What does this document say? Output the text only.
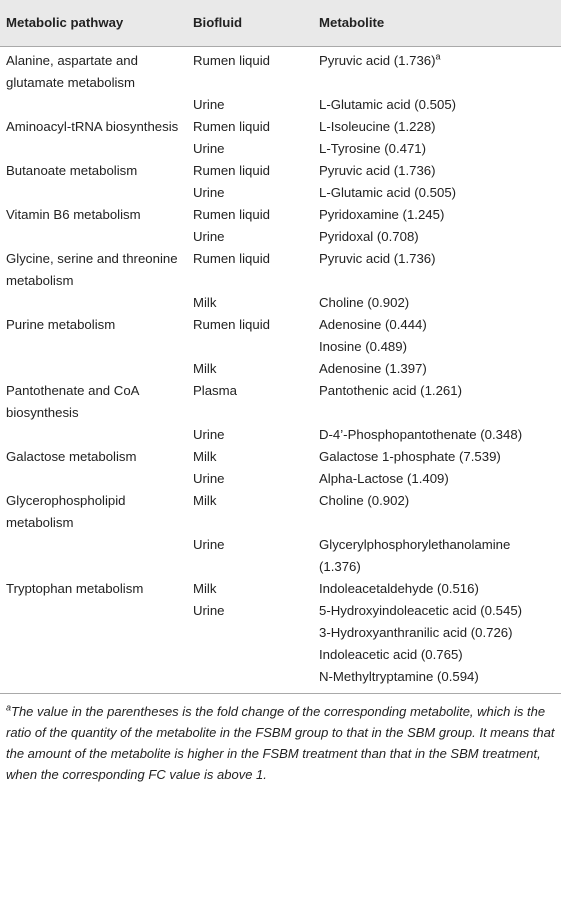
Metabolic pathway	Biofluid	Metabolite
Alanine, aspartate and glutamate metabolism	Rumen liquid	Pyruvic acid $(1.736)^a$
	Urine	L-Glutamic acid (0.505)
Aminoacyl-tRNA biosynthesis	Rumen liquid	L-Isoleucine (1.228)
	Urine	L-Tyrosine (0.471)
Butanoate metabolism	Rumen liquid	Pyruvic acid (1.736)
	Urine	L-Glutamic acid (0.505)
Vitamin B6 metabolism	Rumen liquid	Pyridoxamine (1.245)
	Urine	Pyridoxal (0.708)
Glycine, serine and threonine metabolism	Rumen liquid	Pyruvic acid (1.736)
	Milk	Choline (0.902)
Purine metabolism	Rumen liquid	Adenosine (0.444)
		Inosine (0.489)
	Milk	Adenosine (1.397)
Pantothenate and CoA biosynthesis	Plasma	Pantothenic acid (1.261)
	Urine	D-4’-Phosphopantothenate (0.348)
Galactose metabolism	Milk	Galactose 1-phosphate (7.539)
	Urine	Alpha-Lactose (1.409)
Glycerophospholipid metabolism	Milk	Choline (0.902)
	Urine	Glycerylphosphorylethanolamine (1.376)
Tryptophan metabolism	Milk	Indoleacetaldehyde (0.516)
	Urine	5-Hydroxyindoleacetic acid (0.545)
		3-Hydroxyanthranilic acid (0.726)
		Indoleacetic acid (0.765)
		N-Methyltryptamine (0.594)
$^a$The value in the parentheses is the fold change of the corresponding metabolite, which is the ratio of the quantity of the metabolite in the FSBM group to that in the SBM group. It means that the amount of the metabolite is higher in the FSBM treatment than that in the SBM treatment, when the corresponding FC value is above 1.
